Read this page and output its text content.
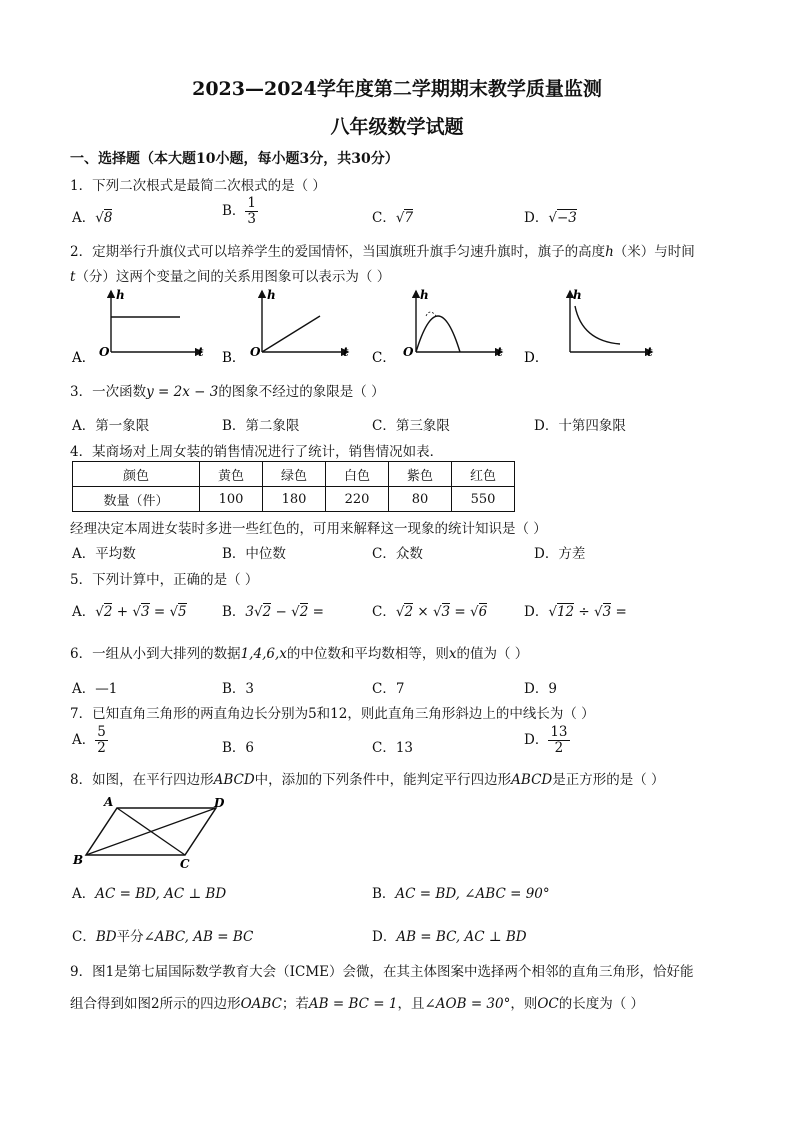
2023—2024学年度第二学期期末教学质量监测
八年级数学试题
一、选择题（本大题10小题，每小题3分，共30分）
1．下列二次根式是最简二次根式的是（ ）
A．√8	B． $\frac{1}{3}$	C．√7	D．√−3
2．定期举行升旗仪式可以培养学生的爱国情怀，当国旗班升旗手匀速升旗时，旗子的高度h（米）与时间
t（分）这两个变量之间的关系用图象可以表示为（ ）
A．
h
O	t B．
h
O	t C．
h
O	t D．
h
t
3．一次函数y = 2x − 3的图象不经过的象限是（ ）
A．第一象限	B．第二象限	C．第三象限	D．十第四象限
4．某商场对上周女装的销售情况进行了统计，销售情况如表．
颜色	黄色	绿色	白色	紫色	红色
数量（件）	100	180	220	80	550
经理决定本周进女装时多进一些红色的，可用来解释这一现象的统计知识是（ ）
A．平均数	B．中位数	C．众数	D．方差
5．下列计算中，正确的是（ ）
A．√2 + √3 = √5	B．3√2 − √2 =	C．√2 × √3 = √6	D．√12 ÷ √3 =
6．一组从小到大排列的数据1,4,6,x的中位数和平均数相等，则x的值为（ ）
A．—1	B．3	C．7	D．9
7．已知直角三角形的两直角边长分别为5和12，则此直角三角形斜边上的中线长为（ ）
A． $\frac{5}{2}$	B．6	C．13
D． $\frac{13}{2}$
8．如图，在平行四边形ABCD中，添加的下列条件中，能判定平行四边形ABCD是正方形的是（ ）
A	D
B	C
A．AC = BD, AC ⊥ BD	B．AC = BD, ∠ABC = 90°
C．BD平分∠ABC, AB = BC	D．AB = BC, AC ⊥ BD
9．图1是第七届国际数学教育大会（ICME）会微，在其主体图案中选择两个相邻的直角三角形，恰好能
组合得到如图2所示的四边形OABC；若AB = BC = 1，且∠AOB = 30°，则OC的长度为（ ）
